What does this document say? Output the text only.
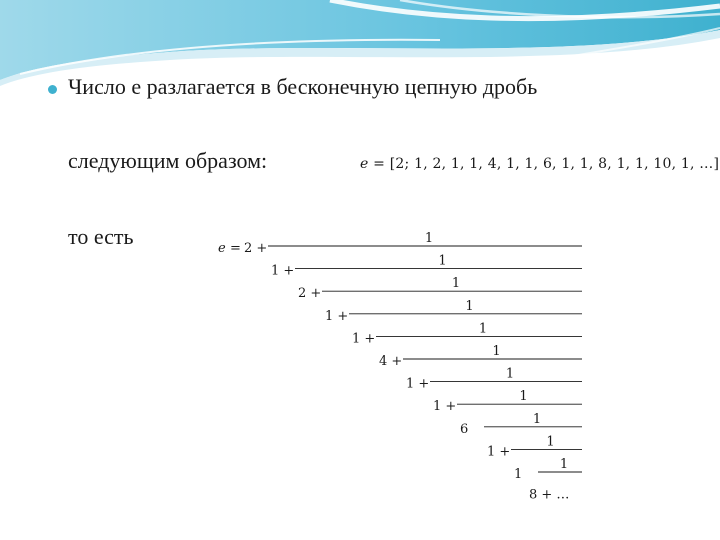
Число е разлагается в бесконечную цепную дробь
следующим образом:
то есть
e = [2; 1, 2, 1, 1, 4, 1, 1, 6, 1, 1, 8, 1, 1, 10, 1, …]
e = 2 +
1
1 +
1
2 +
1
1 +
1
1 +
1
4 +
1
1 +
1
1 +
1
6
1
1 +
1
1
1
8 + …
